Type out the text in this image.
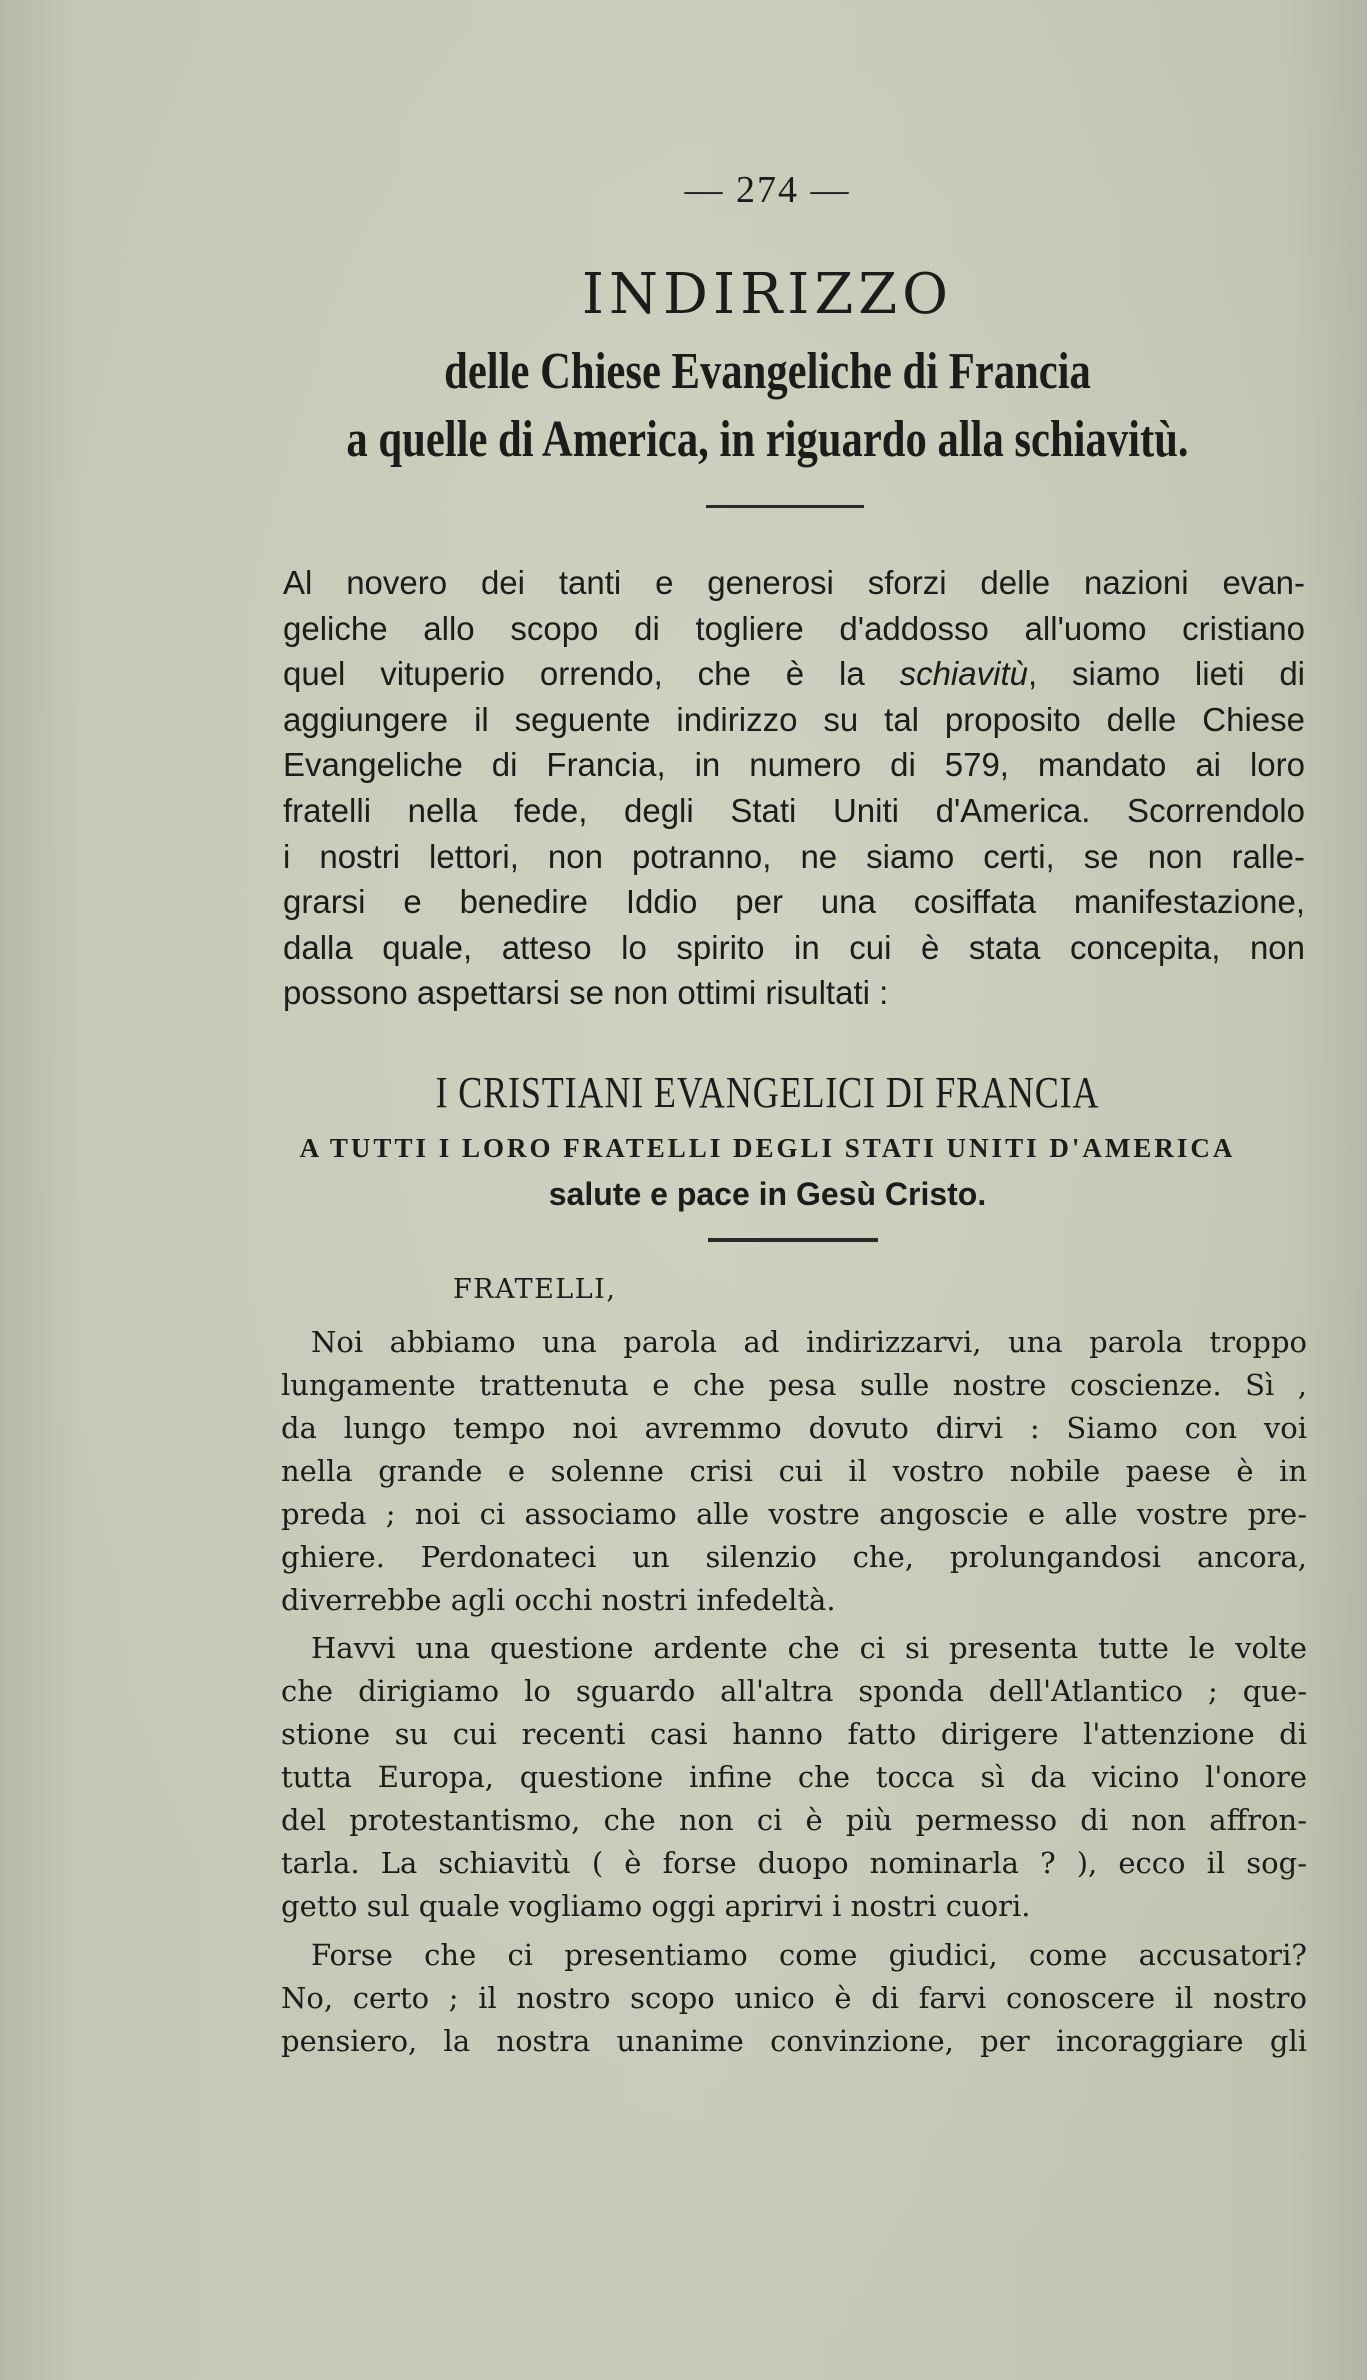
— 274 —
INDIRIZZO
delle Chiese Evangeliche di Francia
a quelle di America, in riguardo alla schiavitù.
Al novero dei tanti e generosi sforzi delle nazioni evan-
geliche allo scopo di togliere d'addosso all'uomo cristiano
quel vituperio orrendo, che è la schiavitù, siamo lieti di
aggiungere il seguente indirizzo su tal proposito delle Chiese
Evangeliche di Francia, in numero di 579, mandato ai loro
fratelli nella fede, degli Stati Uniti d'America. Scorrendolo
i nostri lettori, non potranno, ne siamo certi, se non ralle-
grarsi e benedire Iddio per una cosiffata manifestazione,
dalla quale, atteso lo spirito in cui è stata concepita, non
possono aspettarsi se non ottimi risultati :
I CRISTIANI EVANGELICI DI FRANCIA
A TUTTI I LORO FRATELLI DEGLI STATI UNITI D'AMERICA
salute e pace in Gesù Cristo.
FRATELLI,
Noi abbiamo una parola ad indirizzarvi, una parola troppo
lungamente trattenuta e che pesa sulle nostre coscienze. Sì ,
da lungo tempo noi avremmo dovuto dirvi : Siamo con voi
nella grande e solenne crisi cui il vostro nobile paese è in
preda ; noi ci associamo alle vostre angoscie e alle vostre pre-
ghiere. Perdonateci un silenzio che, prolungandosi ancora,
diverrebbe agli occhi nostri infedeltà.
Havvi una questione ardente che ci si presenta tutte le volte
che dirigiamo lo sguardo all'altra sponda dell'Atlantico ; que-
stione su cui recenti casi hanno fatto dirigere l'attenzione di
tutta Europa, questione infine che tocca sì da vicino l'onore
del protestantismo, che non ci è più permesso di non affron-
tarla. La schiavitù ( è forse duopo nominarla ? ), ecco il sog-
getto sul quale vogliamo oggi aprirvi i nostri cuori.
Forse che ci presentiamo come giudici, come accusatori?
No, certo ; il nostro scopo unico è di farvi conoscere il nostro
pensiero, la nostra unanime convinzione, per incoraggiare gli
